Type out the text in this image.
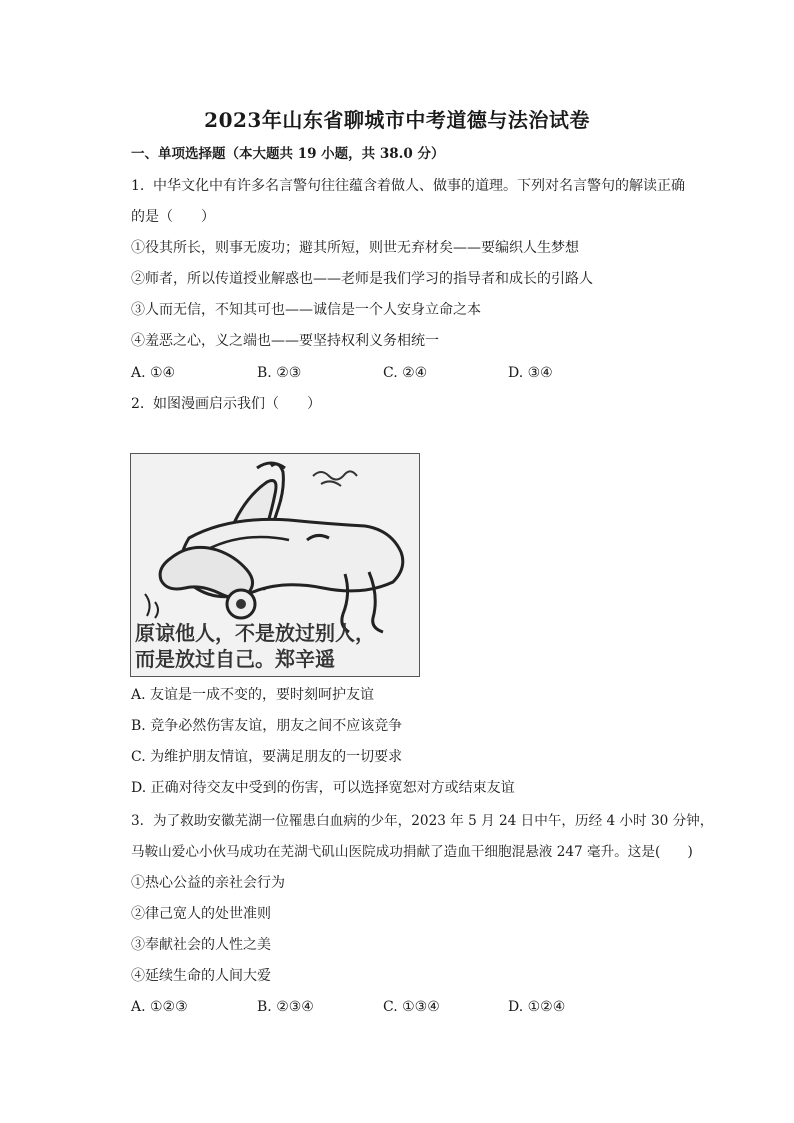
2023年山东省聊城市中考道德与法治试卷
一、单项选择题（本大题共 19 小题，共 38.0 分）
1. 中华文化中有许多名言警句往往蕴含着做人、做事的道理。下列对名言警句的解读正确
的是（　　）
①役其所长，则事无废功；避其所短，则世无弃材矣——要编织人生梦想
②师者，所以传道授业解惑也——老师是我们学习的指导者和成长的引路人
③人而无信，不知其可也——诚信是一个人安身立命之本
④羞恶之心，义之端也——要坚持权利义务相统一
A. ①④	B. ②③	C. ②④	D. ③④
2. 如图漫画启示我们（　　）
原谅他人，不是放过别人，
而是放过自己。郑辛遥
A. 友谊是一成不变的，要时刻呵护友谊
B. 竞争必然伤害友谊，朋友之间不应该竞争
C. 为维护朋友情谊，要满足朋友的一切要求
D. 正确对待交友中受到的伤害，可以选择宽恕对方或结束友谊
3. 为了救助安徽芜湖一位罹患白血病的少年，2023 年 5 月 24 日中午，历经 4 小时 30 分钟，
马鞍山爱心小伙马成功在芜湖弋矶山医院成功捐献了造血干细胞混悬液 247 毫升。这是(　　)
①热心公益的亲社会行为
②律己宽人的处世准则
③奉献社会的人性之美
④延续生命的人间大爱
A. ①②③	B. ②③④	C. ①③④	D. ①②④
